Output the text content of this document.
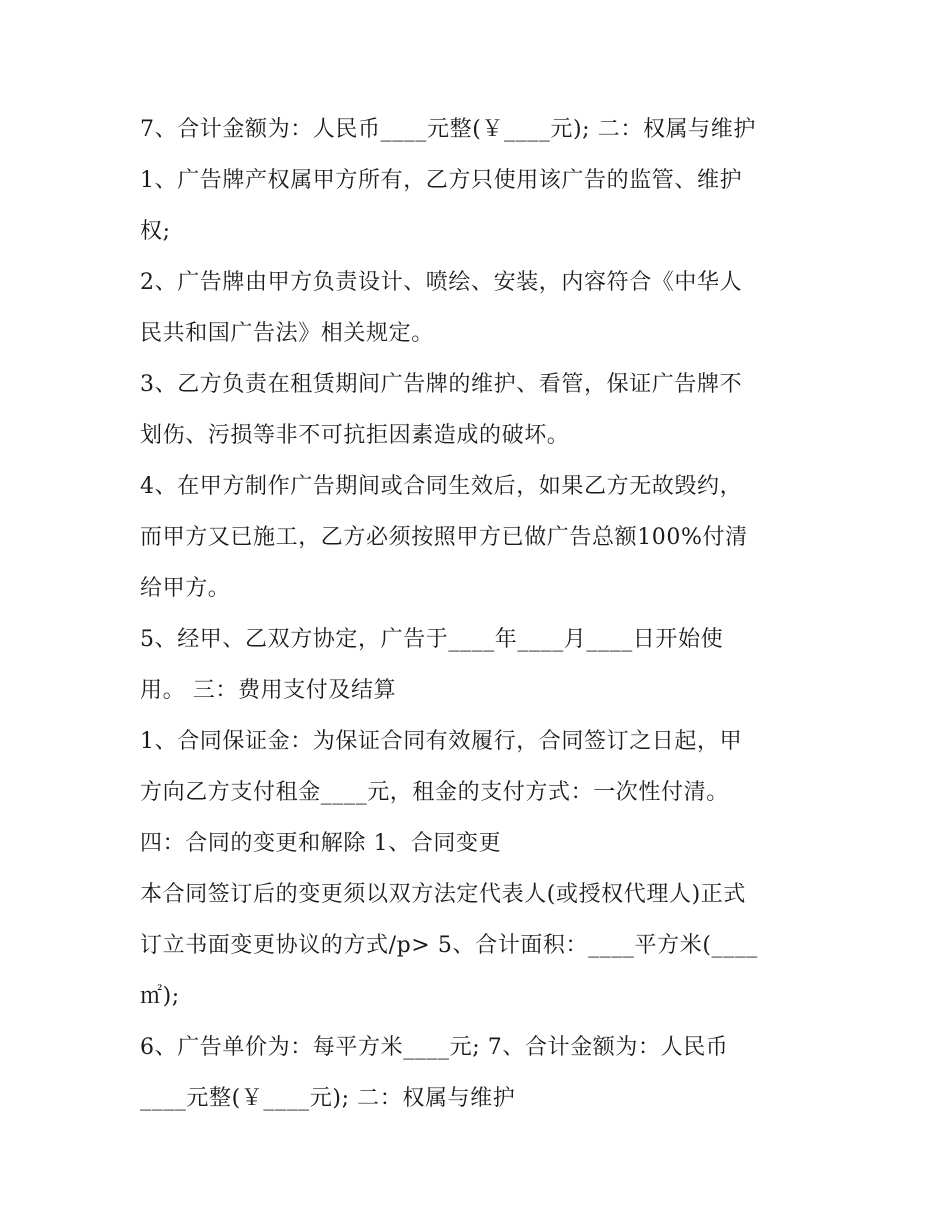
7、合计金额为：人民币____元整(￥____元); 二：权属与维护
1、广告牌产权属甲方所有，乙方只使用该广告的监管、维护
权;
2、广告牌由甲方负责设计、喷绘、安装，内容符合《中华人
民共和国广告法》相关规定。
3、乙方负责在租赁期间广告牌的维护、看管，保证广告牌不
划伤、污损等非不可抗拒因素造成的破坏。
4、在甲方制作广告期间或合同生效后，如果乙方无故毁约，
而甲方又已施工，乙方必须按照甲方已做广告总额100%付清
给甲方。
5、经甲、乙双方协定，广告于____年____月____日开始使
用。 三：费用支付及结算
1、合同保证金：为保证合同有效履行，合同签订之日起，甲
方向乙方支付租金____元，租金的支付方式：一次性付清。
四：合同的变更和解除 1、合同变更
本合同签订后的变更须以双方法定代表人(或授权代理人)正式
订立书面变更协议的方式/p> 5、合计面积：____平方米(____
㎡);
6、广告单价为：每平方米____元; 7、合计金额为：人民币
____元整(￥____元); 二：权属与维护
